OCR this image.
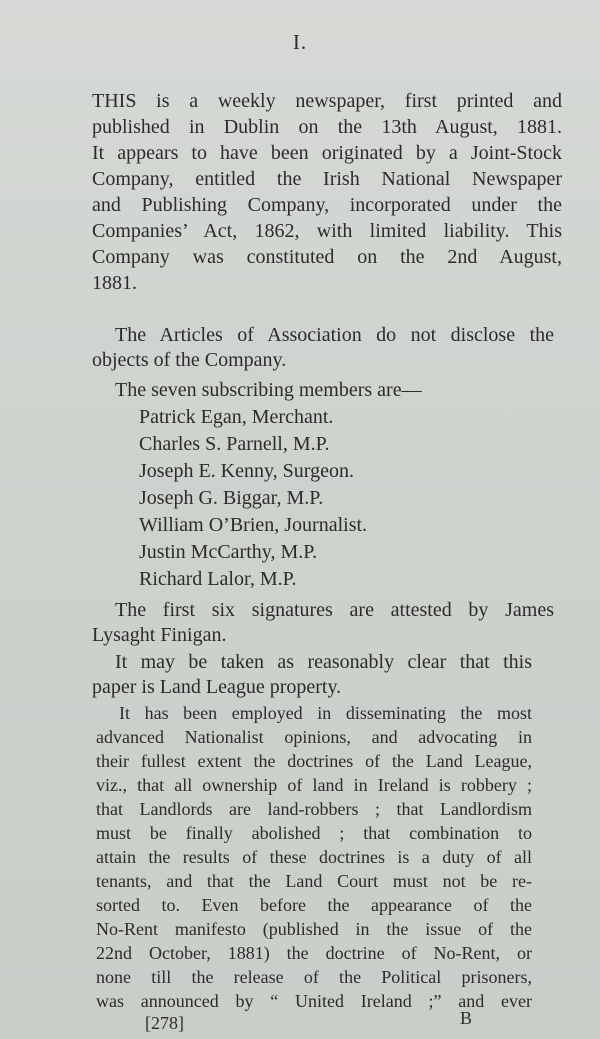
I.
THIS is a weekly newspaper, first printed and
published in Dublin on the 13th August, 1881.
It appears to have been originated by a Joint-Stock
Company, entitled the Irish National Newspaper
and Publishing Company, incorporated under the
Companies’ Act, 1862, with limited liability. This
Company was constituted on the 2nd August,
1881.
The Articles of Association do not disclose the
objects of the Company.
The seven subscribing members are—
Patrick Egan, Merchant.
Charles S. Parnell, M.P.
Joseph E. Kenny, Surgeon.
Joseph G. Biggar, M.P.
William O’Brien, Journalist.
Justin McCarthy, M.P.
Richard Lalor, M.P.
The first six signatures are attested by James
Lysaght Finigan.
It may be taken as reasonably clear that this
paper is Land League property.
It has been employed in disseminating the most
advanced Nationalist opinions, and advocating in
their fullest extent the doctrines of the Land League,
viz., that all ownership of land in Ireland is robbery ;
that Landlords are land-robbers ; that Landlordism
must be finally abolished ; that combination to
attain the results of these doctrines is a duty of all
tenants, and that the Land Court must not be re-
sorted to. Even before the appearance of the
No-Rent manifesto (published in the issue of the
22nd October, 1881) the doctrine of No-Rent, or
none till the release of the Political prisoners,
was announced by “ United Ireland ;” and ever
[278]	B
